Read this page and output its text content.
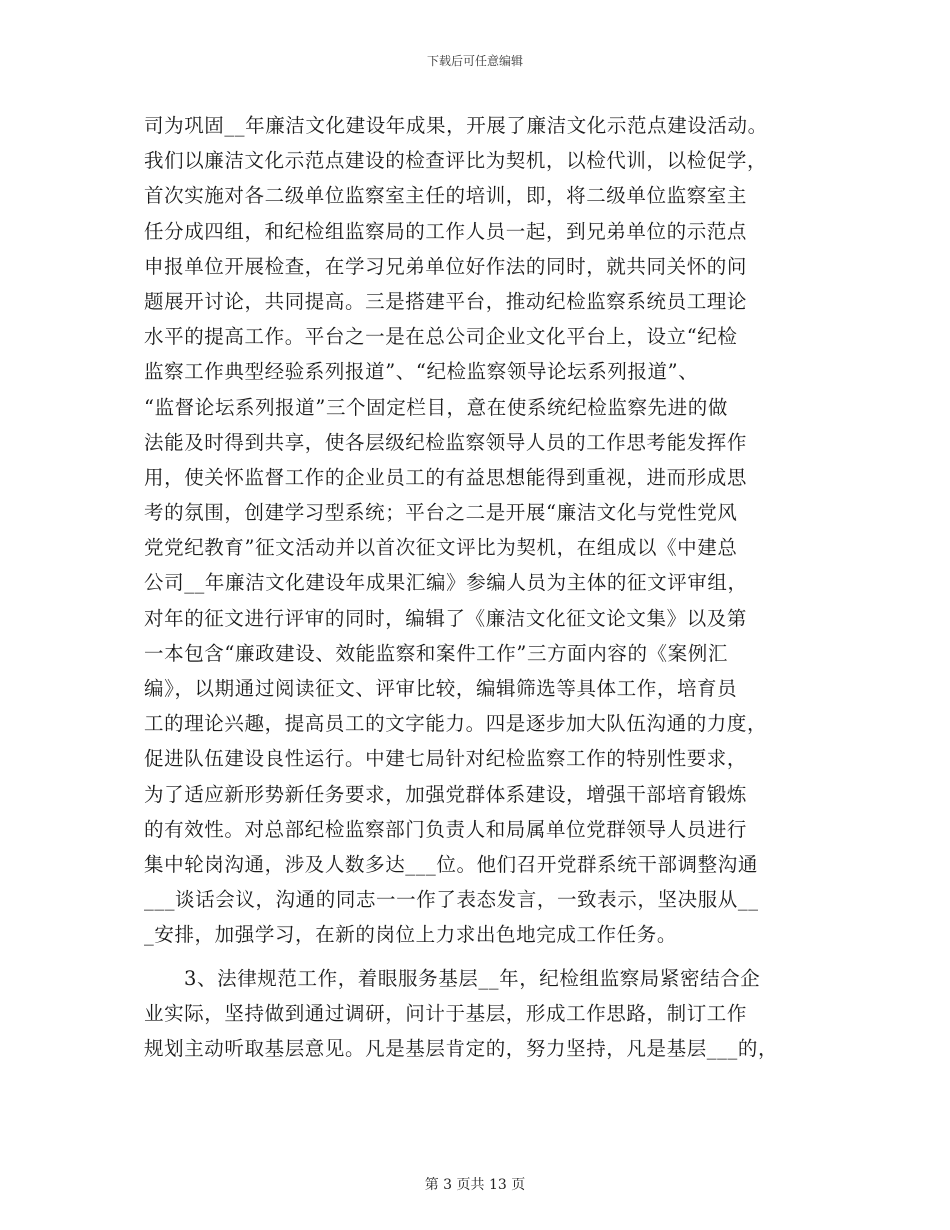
下载后可任意编辑
司为巩固__年廉洁文化建设年成果，开展了廉洁文化示范点建设活动。
我们以廉洁文化示范点建设的检查评比为契机，以检代训，以检促学，
首次实施对各二级单位监察室主任的培训，即，将二级单位监察室主
任分成四组，和纪检组监察局的工作人员一起，到兄弟单位的示范点
申报单位开展检查，在学习兄弟单位好作法的同时，就共同关怀的问
题展开讨论，共同提高。三是搭建平台，推动纪检监察系统员工理论
水平的提高工作。平台之一是在总公司企业文化平台上，设立“纪检
监察工作典型经验系列报道”、“纪检监察领导论坛系列报道”、
“监督论坛系列报道”三个固定栏目，意在使系统纪检监察先进的做
法能及时得到共享，使各层级纪检监察领导人员的工作思考能发挥作
用，使关怀监督工作的企业员工的有益思想能得到重视，进而形成思
考的氛围，创建学习型系统；平台之二是开展“廉洁文化与党性党风
党党纪教育”征文活动并以首次征文评比为契机，在组成以《中建总
公司__年廉洁文化建设年成果汇编》参编人员为主体的征文评审组，
对年的征文进行评审的同时，编辑了《廉洁文化征文论文集》以及第
一本包含“廉政建设、效能监察和案件工作”三方面内容的《案例汇
编》，以期通过阅读征文、评审比较，编辑筛选等具体工作，培育员
工的理论兴趣，提高员工的文字能力。四是逐步加大队伍沟通的力度，
促进队伍建设良性运行。中建七局针对纪检监察工作的特别性要求，
为了适应新形势新任务要求，加强党群体系建设，增强干部培育锻炼
的有效性。对总部纪检监察部门负责人和局属单位党群领导人员进行
集中轮岗沟通，涉及人数多达___位。他们召开党群系统干部调整沟通
___谈话会议，沟通的同志一一作了表态发言，一致表示，坚决服从__
_安排，加强学习，在新的岗位上力求出色地完成工作任务。
3、法律规范工作，着眼服务基层__年，纪检组监察局紧密结合企
业实际，坚持做到通过调研，问计于基层，形成工作思路，制订工作
规划主动听取基层意见。凡是基层肯定的，努力坚持，凡是基层___的，
第 3 页共 13 页
